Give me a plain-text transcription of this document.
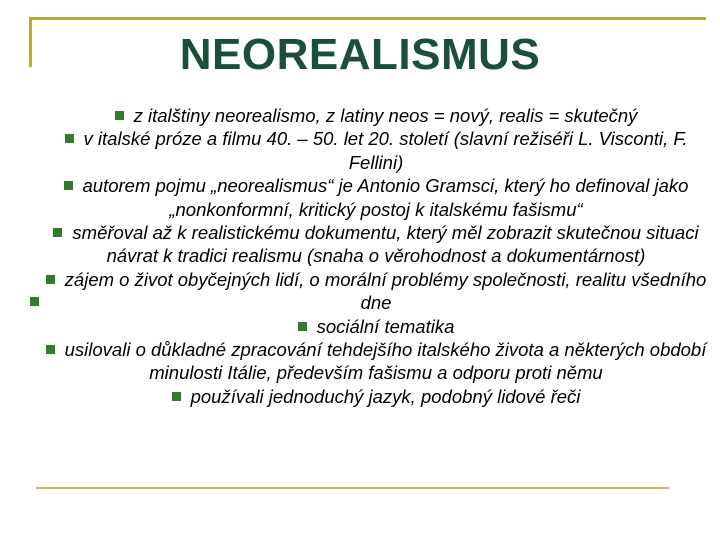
NEOREALISMUS

z italštiny neorealismo, z latiny neos = nový, realis = skutečný

v italské próze a filmu 40. – 50. let 20. století (slavní režiséři L. Visconti, F. Fellini)

autorem pojmu „neorealismus“ je Antonio Gramsci, který ho definoval jako „nonkonformní, kritický postoj k italskému fašismu“

směřoval až k realistickému dokumentu, který měl zobrazit skutečnou situaci

návrat k tradici realismu (snaha o věrohodnost a dokumentárnost)

zájem o život obyčejných lidí, o morální problémy společnosti, realitu všedního dne

sociální tematika

usilovali o důkladné zpracování tehdejšího italského života a některých období minulosti Itálie, především fašismu a odporu proti němu

používali jednoduchý jazyk, podobný lidové řeči
